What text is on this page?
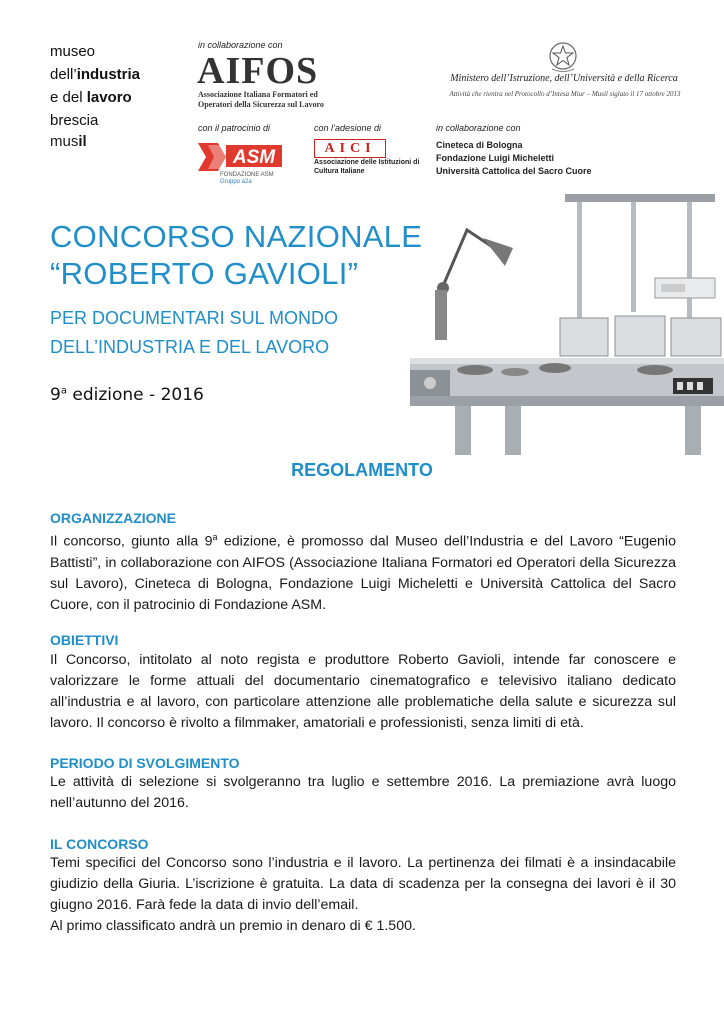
museo
dell’industria
e del lavoro
brescia
musil
in collaborazione con
AIFOS
Associazione Italiana Formatori ed Operatori della Sicurezza sul Lavoro
Ministero dell’Istruzione, dell’Università e della Ricerca
Attività che rientra nel Protocollo d’Intesa Miur – Musil siglato il 17 ottobre 2013
con il patrocinio di
ASM
FONDAZIONE ASM
Gruppo a2a
con l’adesione di
AICI
Associazione delle Istituzioni di Cultura Italiane
in collaborazione con
Cineteca di Bologna
Fondazione Luigi Micheletti
Università Cattolica del Sacro Cuore
CONCORSO NAZIONALE
“ROBERTO GAVIOLI”
PER DOCUMENTARI SUL MONDO
DELL’INDUSTRIA E DEL LAVORO
9$^a$ edizione - 2016
REGOLAMENTO
ORGANIZZAZIONE
Il concorso, giunto alla 9$^a$ edizione, è promosso dal Museo dell’Industria e del Lavoro “Eugenio Battisti”, in collaborazione con AIFOS (Associazione Italiana Formatori ed Operatori della Sicurezza sul Lavoro), Cineteca di Bologna, Fondazione Luigi Micheletti e Università Cattolica del Sacro Cuore, con il patrocinio di Fondazione ASM.
OBIETTIVI
Il Concorso, intitolato al noto regista e produttore Roberto Gavioli, intende far conoscere e valorizzare le forme attuali del documentario cinematografico e televisivo italiano dedicato all’industria e al lavoro, con particolare attenzione alle problematiche della salute e sicurezza sul lavoro. Il concorso è rivolto a filmmaker, amatoriali e professionisti, senza limiti di età.
PERIODO DI SVOLGIMENTO
Le attività di selezione si svolgeranno tra luglio e settembre 2016. La premiazione avrà luogo nell’autunno del 2016.
IL CONCORSO
Temi specifici del Concorso sono l’industria e il lavoro. La pertinenza dei filmati è a insindacabile giudizio della Giuria. L’iscrizione è gratuita. La data di scadenza per la consegna dei lavori è il 30 giugno 2016. Farà fede la data di invio dell’email.
Al primo classificato andrà un premio in denaro di € 1.500.
